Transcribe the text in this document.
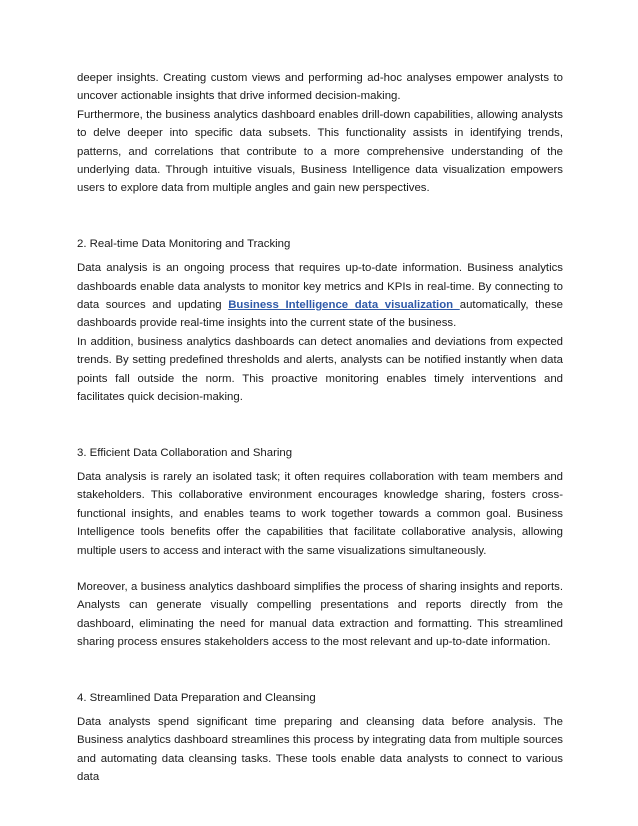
deeper insights. Creating custom views and performing ad-hoc analyses empower analysts to uncover actionable insights that drive informed decision-making.

Furthermore, the business analytics dashboard enables drill-down capabilities, allowing analysts to delve deeper into specific data subsets. This functionality assists in identifying trends, patterns, and correlations that contribute to a more comprehensive understanding of the underlying data. Through intuitive visuals, Business Intelligence data visualization empowers users to explore data from multiple angles and gain new perspectives.

2. Real-time Data Monitoring and Tracking

Data analysis is an ongoing process that requires up-to-date information. Business analytics dashboards enable data analysts to monitor key metrics and KPIs in real-time. By connecting to data sources and updating Business Intelligence data visualization automatically, these dashboards provide real-time insights into the current state of the business.

In addition, business analytics dashboards can detect anomalies and deviations from expected trends. By setting predefined thresholds and alerts, analysts can be notified instantly when data points fall outside the norm. This proactive monitoring enables timely interventions and facilitates quick decision-making.

3. Efficient Data Collaboration and Sharing

Data analysis is rarely an isolated task; it often requires collaboration with team members and stakeholders. This collaborative environment encourages knowledge sharing, fosters cross-functional insights, and enables teams to work together towards a common goal. Business Intelligence tools benefits offer the capabilities that facilitate collaborative analysis, allowing multiple users to access and interact with the same visualizations simultaneously.

Moreover, a business analytics dashboard simplifies the process of sharing insights and reports. Analysts can generate visually compelling presentations and reports directly from the dashboard, eliminating the need for manual data extraction and formatting. This streamlined sharing process ensures stakeholders access to the most relevant and up-to-date information.

4. Streamlined Data Preparation and Cleansing

Data analysts spend significant time preparing and cleansing data before analysis. The Business analytics dashboard streamlines this process by integrating data from multiple sources and automating data cleansing tasks. These tools enable data analysts to connect to various data
